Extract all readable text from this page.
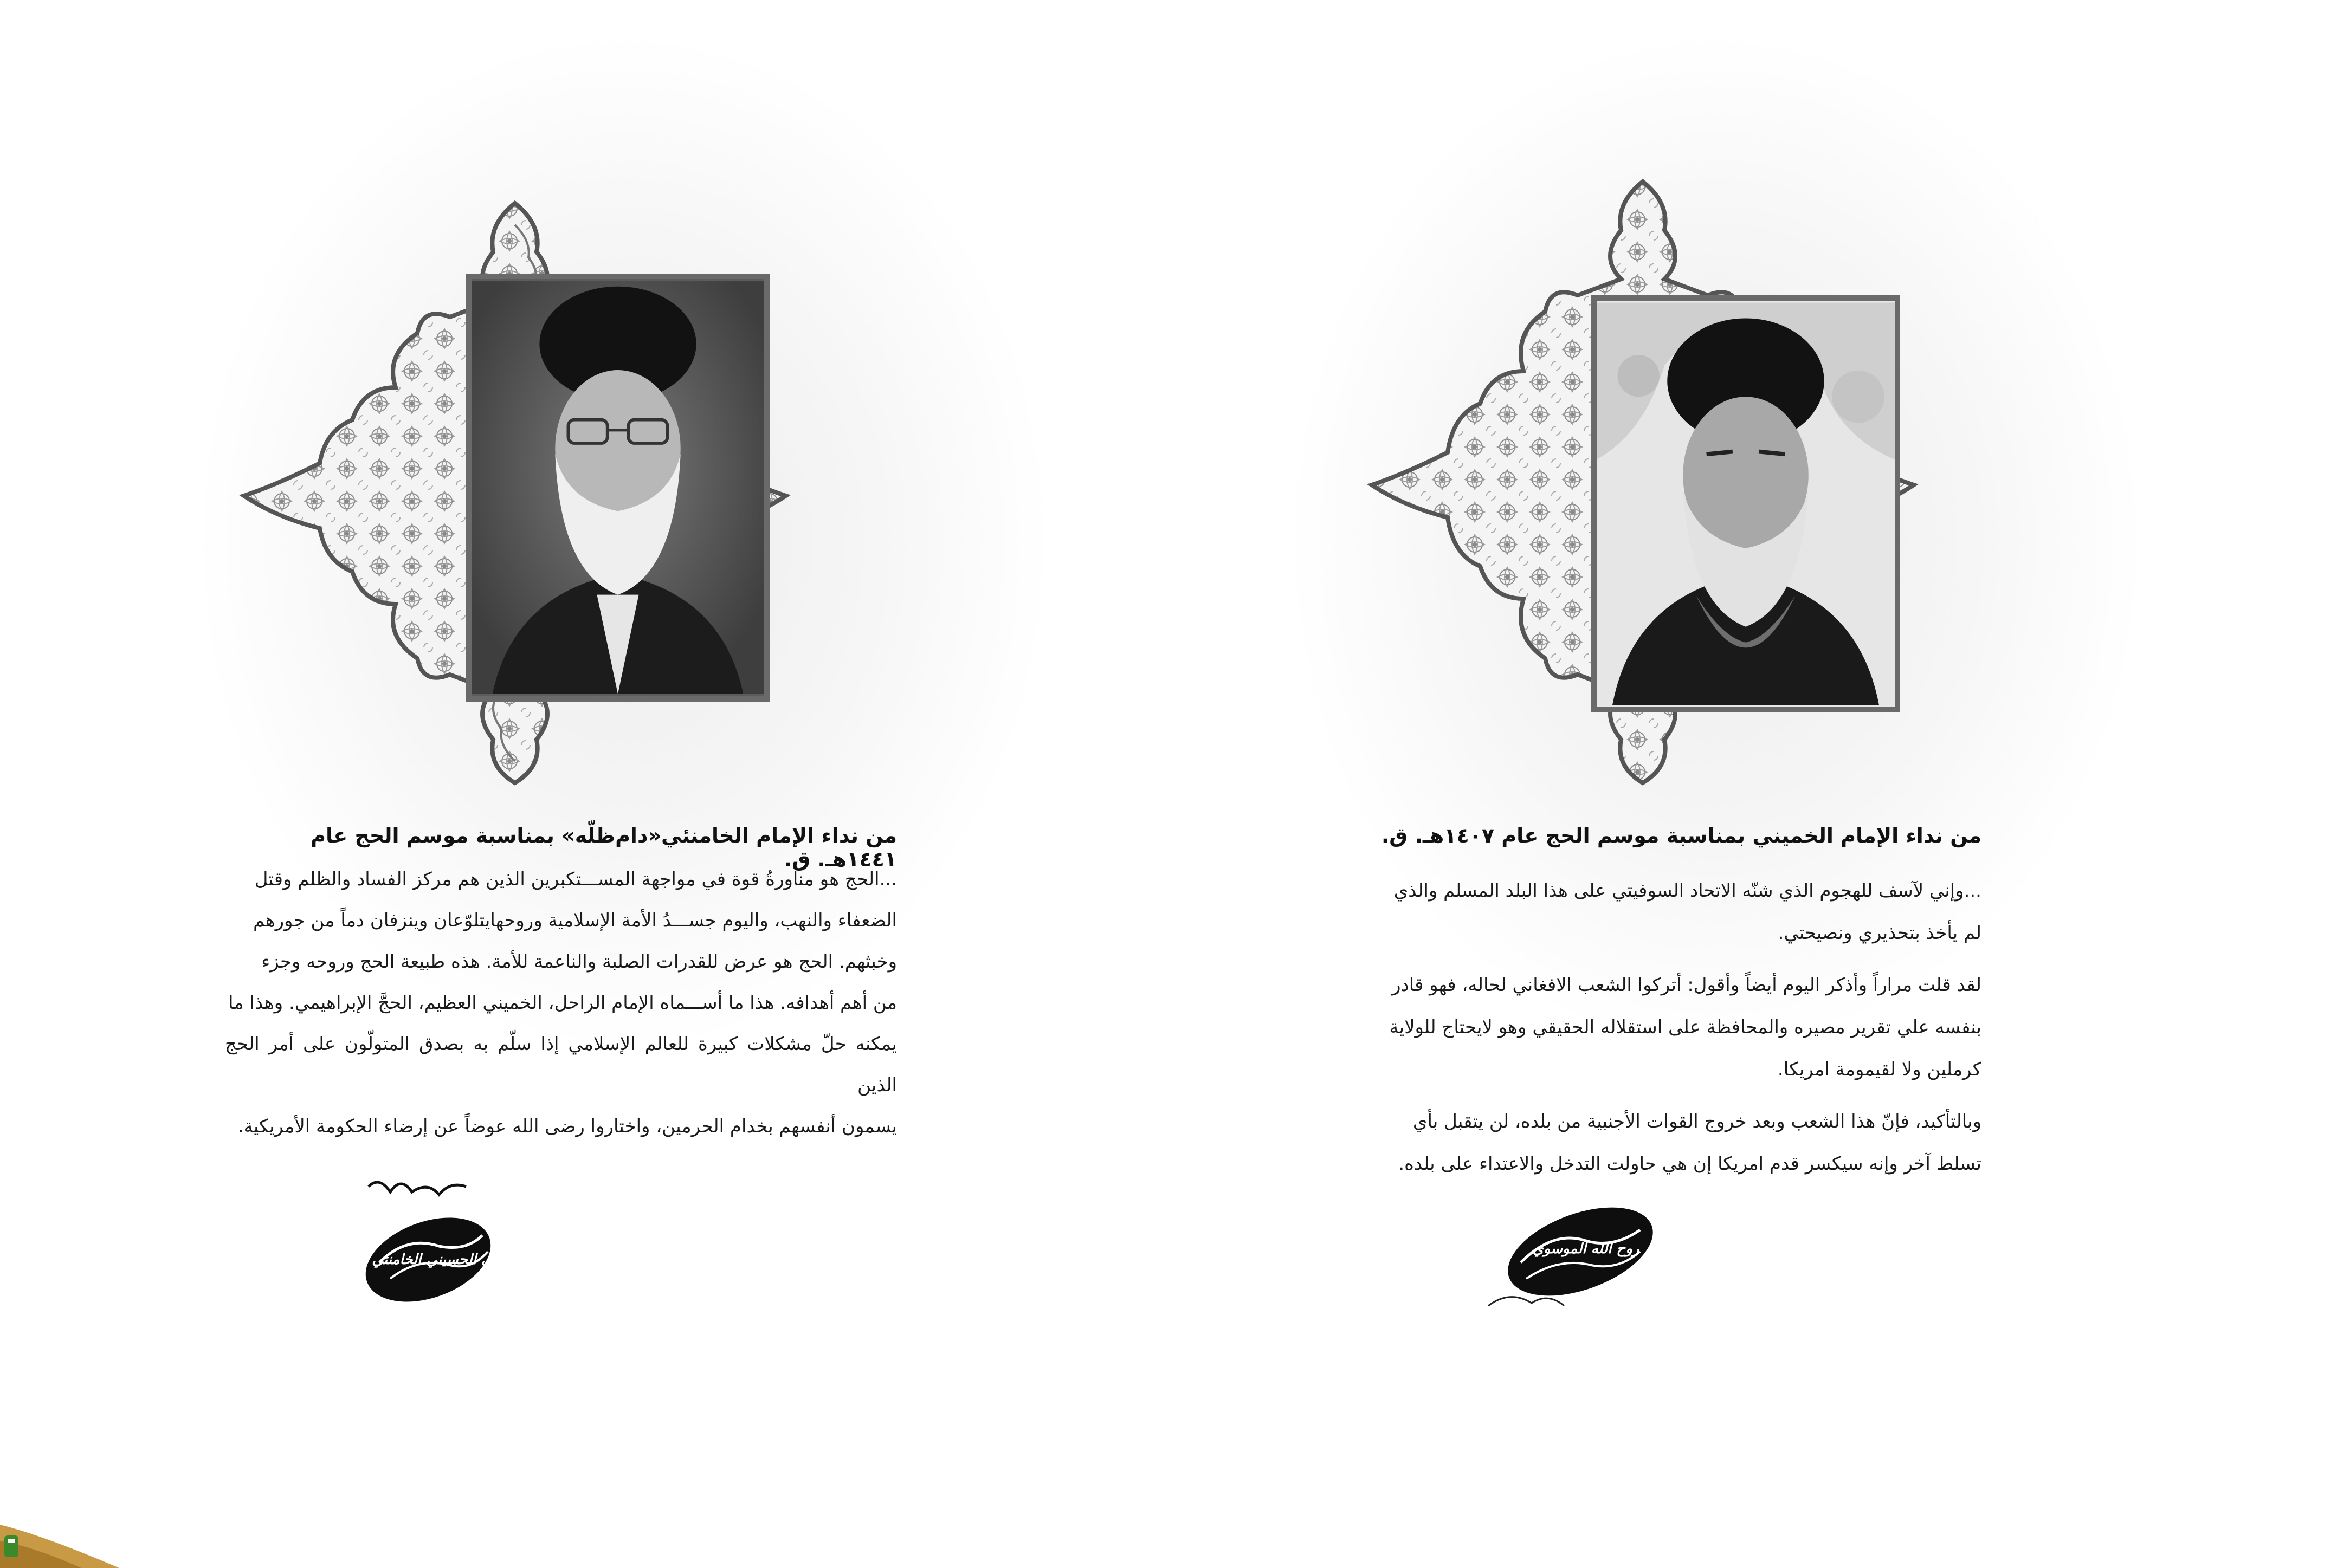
من نداء الإمام الخامنئي«دام‌ظلّه» بمناسبة موسم الحج عام ١٤٤١هـ. ق.

...الحج هو مناورةُ قوة في مواجهة المســـتكبرين الذين هم مركز الفساد والظلم وقتل

الضعفاء والنهب، واليوم جســـدُ الأمة الإسلامية وروحهايتلوّعان وينزفان دماً من جورهم

وخبثهم. الحج هو عرض للقدرات الصلبة والناعمة للأمة. هذه طبيعة الحج وروحه وجزء

من أهم أهدافه. هذا ما أســـماه الإمام الراحل، الخميني العظيم، الحجَّ الإبراهيمي. وهذا ما

يمكنه حلّ مشكلات كبيرة للعالم الإسلامي إذا سلّم به بصدق المتولّون على أمر الحج الذين

يسمون أنفسهم بخدام الحرمين، واختاروا رضى الله عوضاً عن إرضاء الحكومة الأمريكية.

علي الحسيني الخامنئي
من نداء الإمام الخميني بمناسبة موسم الحج عام ١٤٠٧هـ. ق.

...وإني لآسف للهجوم الذي شنّه الاتحاد السوفيتي على هذا البلد المسلم والذي

لم يأخذ بتحذيري ونصيحتي.

لقد قلت مراراً وأذكر اليوم أيضاً وأقول: أتركوا الشعب الافغاني لحاله، فهو قادر

بنفسه علي تقرير مصيره والمحافظة على استقلاله الحقيقي وهو لايحتاج للولاية

كرملين ولا لقيمومة امريكا.

وبالتأكيد، فإنّ هذا الشعب وبعد خروج القوات الأجنبية من بلده، لن يتقبل بأي

تسلط آخر وإنه سيكسر قدم امريكا إن هي حاولت التدخل والاعتداء على بلده.

روح الله الموسوي
